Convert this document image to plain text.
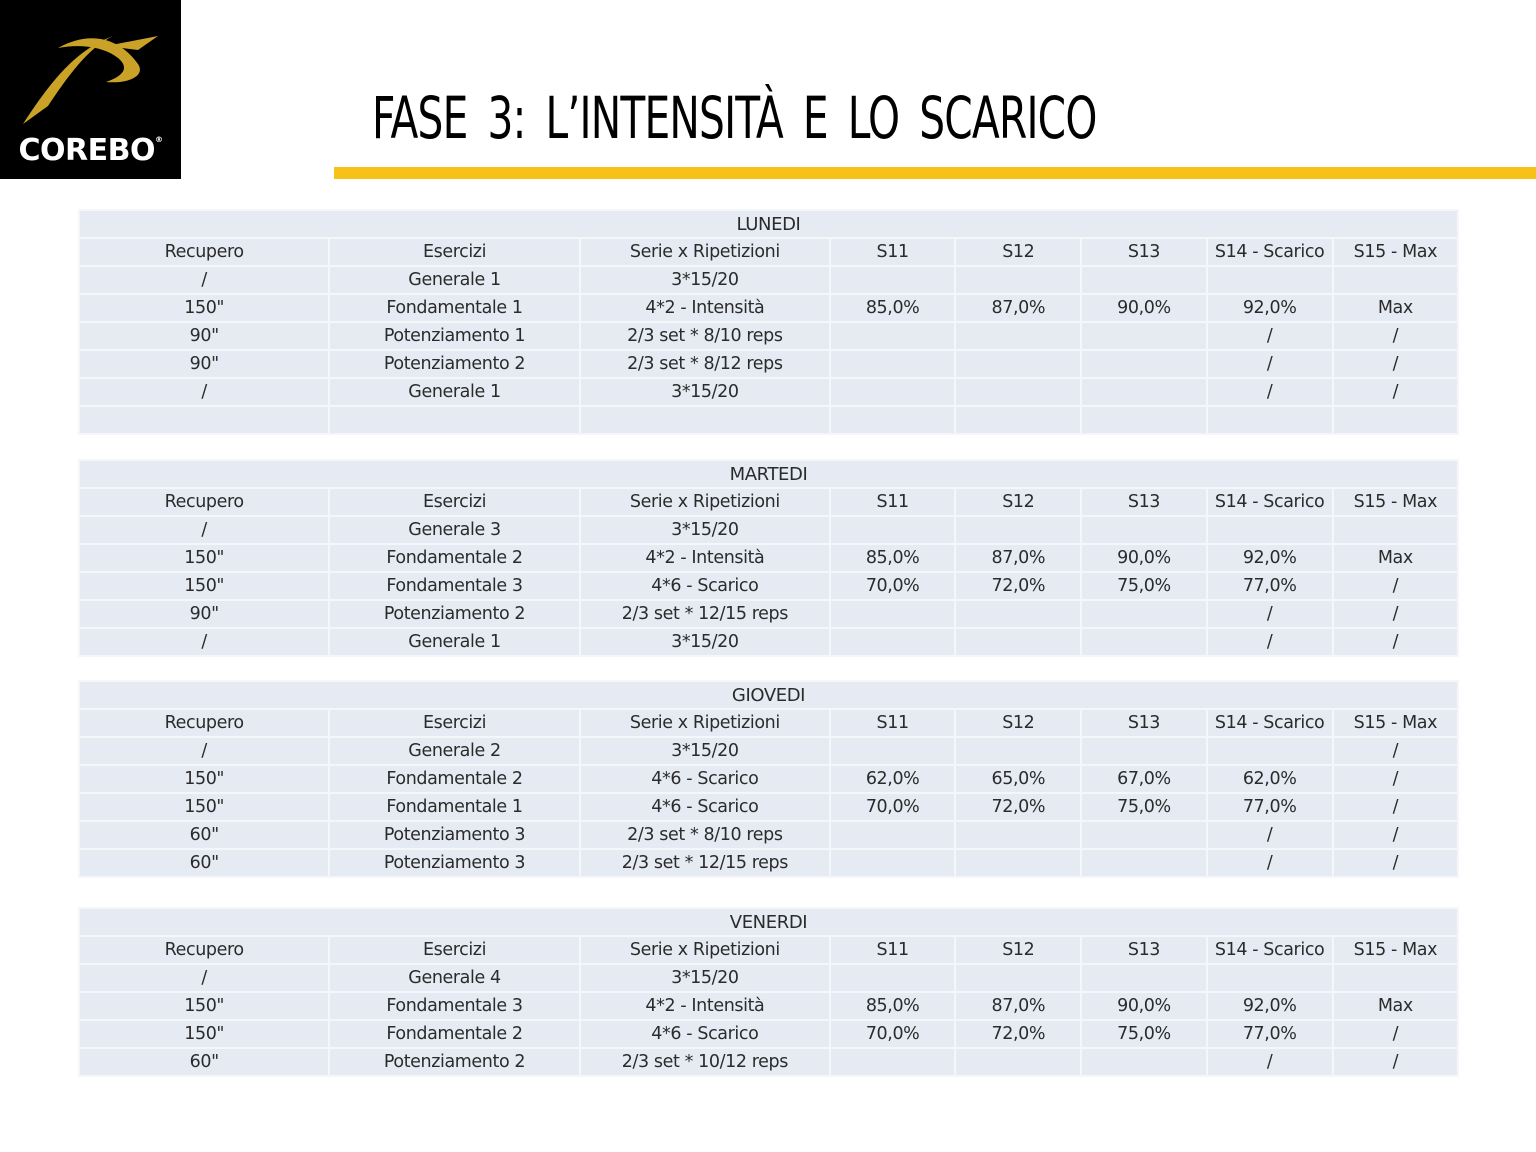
COREBO®	FASE 3: L’INTENSITÀ E LO SCARICO
LUNEDI							
Recupero	Esercizi	Serie x Ripetizioni	S11	S12	S13	S14 - Scarico	S15 - Max
/	Generale 1	3*15/20					
150"	Fondamentale 1	4*2 - Intensità	85,0%	87,0%	90,0%	92,0%	Max
90"	Potenziamento 1	2/3 set * 8/10 reps				/	/
90"	Potenziamento 2	2/3 set * 8/12 reps				/	/
/	Generale 1	3*15/20				/	/

MARTEDI							
Recupero	Esercizi	Serie x Ripetizioni	S11	S12	S13	S14 - Scarico	S15 - Max
/	Generale 3	3*15/20					
150"	Fondamentale 2	4*2 - Intensità	85,0%	87,0%	90,0%	92,0%	Max
150"	Fondamentale 3	4*6 - Scarico	70,0%	72,0%	75,0%	77,0%	/
90"	Potenziamento 2	2/3 set * 12/15 reps				/	/
/	Generale 1	3*15/20				/	/
GIOVEDI							
Recupero	Esercizi	Serie x Ripetizioni	S11	S12	S13	S14 - Scarico	S15 - Max
/	Generale 2	3*15/20					/
150"	Fondamentale 2	4*6 - Scarico	62,0%	65,0%	67,0%	62,0%	/
150"	Fondamentale 1	4*6 - Scarico	70,0%	72,0%	75,0%	77,0%	/
60"	Potenziamento 3	2/3 set * 8/10 reps				/	/
60"	Potenziamento 3	2/3 set * 12/15 reps				/	/
VENERDI							
Recupero	Esercizi	Serie x Ripetizioni	S11	S12	S13	S14 - Scarico	S15 - Max
/	Generale 4	3*15/20					
150"	Fondamentale 3	4*2 - Intensità	85,0%	87,0%	90,0%	92,0%	Max
150"	Fondamentale 2	4*6 - Scarico	70,0%	72,0%	75,0%	77,0%	/
60"	Potenziamento 2	2/3 set * 10/12 reps				/	/
